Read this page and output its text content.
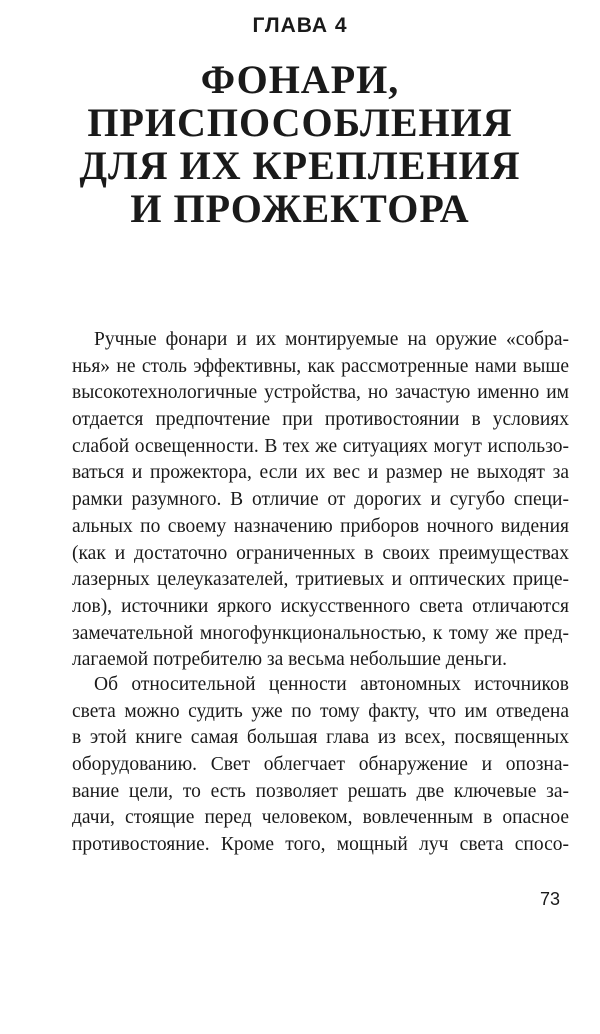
ГЛАВА 4
ФОНАРИ,
ПРИСПОСОБЛЕНИЯ
ДЛЯ ИХ КРЕПЛЕНИЯ
И ПРОЖЕКТОРА
Ручные фонари и их монтируемые на оружие «собра-
нья» не столь эффективны, как рассмотренные нами выше
высокотехнологичные устройства, но зачастую именно им
отдается предпочтение при противостоянии в условиях
слабой освещенности. В тех же ситуациях могут использо-
ваться и прожектора, если их вес и размер не выходят за
рамки разумного. В отличие от дорогих и сугубо специ-
альных по своему назначению приборов ночного видения
(как и достаточно ограниченных в своих преимуществах
лазерных целеуказателей, тритиевых и оптических прице-
лов), источники яркого искусственного света отличаются
замечательной многофункциональностью, к тому же пред-
лагаемой потребителю за весьма небольшие деньги.
Об относительной ценности автономных источников
света можно судить уже по тому факту, что им отведена
в этой книге самая большая глава из всех, посвященных
оборудованию. Свет облегчает обнаружение и опозна-
вание цели, то есть позволяет решать две ключевые за-
дачи, стоящие перед человеком, вовлеченным в опасное
противостояние. Кроме того, мощный луч света спосо-
73
